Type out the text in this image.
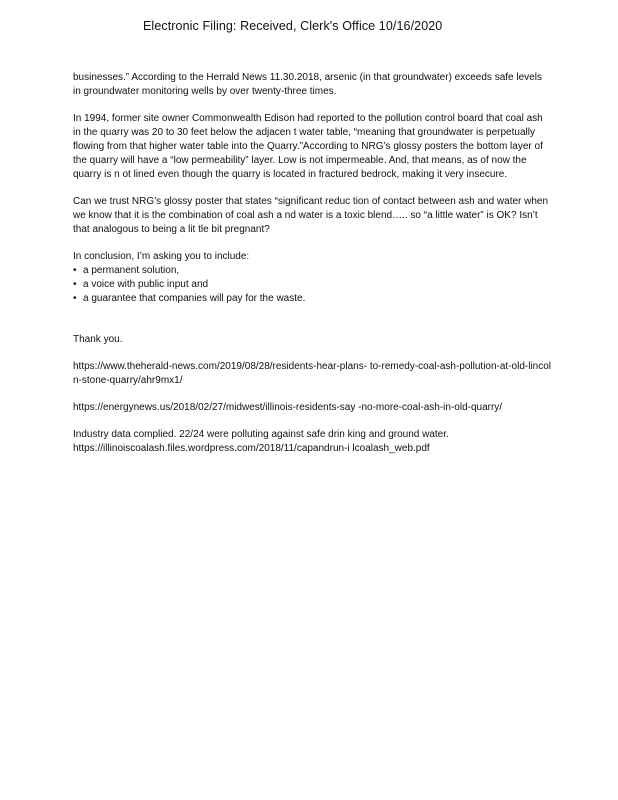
Electronic Filing: Received, Clerk's Office 10/16/2020

businesses.” According to the Herrald News 11.30.2018, arsenic (in that groundwater) exceeds safe levels in groundwater monitoring wells by over twenty-three times.

In 1994, former site owner Commonwealth Edison had reported to the pollution control board that coal ash in the quarry was 20 to 30 feet below the adjacen t water table, “meaning that groundwater is perpetually flowing from that higher water table into the Quarry.”According to NRG’s glossy posters the bottom layer of the quarry will have a “low permeability” layer. Low is not impermeable. And, that means, as of now the quarry is n ot lined even though the quarry is located in fractured bedrock, making it very insecure.

Can we trust NRG’s glossy poster that states “significant reduc tion of contact between ash and water when we know that it is the combination of coal ash a nd water is a toxic blend….. so “a little water” is OK? Isn’t that analogous to being a lit tle bit pregnant?

In conclusion, I’m asking you to include:

• a permanent solution,
• a voice with public input and
• a guarantee that companies will pay for the waste.

Thank you.

https://www.theherald-news.com/2019/08/28/residents-hear-plans- to-remedy-coal-ash-pollution-at-old-lincoln-stone-quarry/ahr9mx1/
https://energynews.us/2018/02/27/midwest/illinois-residents-say -no-more-coal-ash-in-old-quarry/

Industry data complied. 22/24 were polluting against safe drin king and ground water.

https://illinoiscoalash.files.wordpress.com/2018/11/capandrun-i lcoalash_web.pdf
